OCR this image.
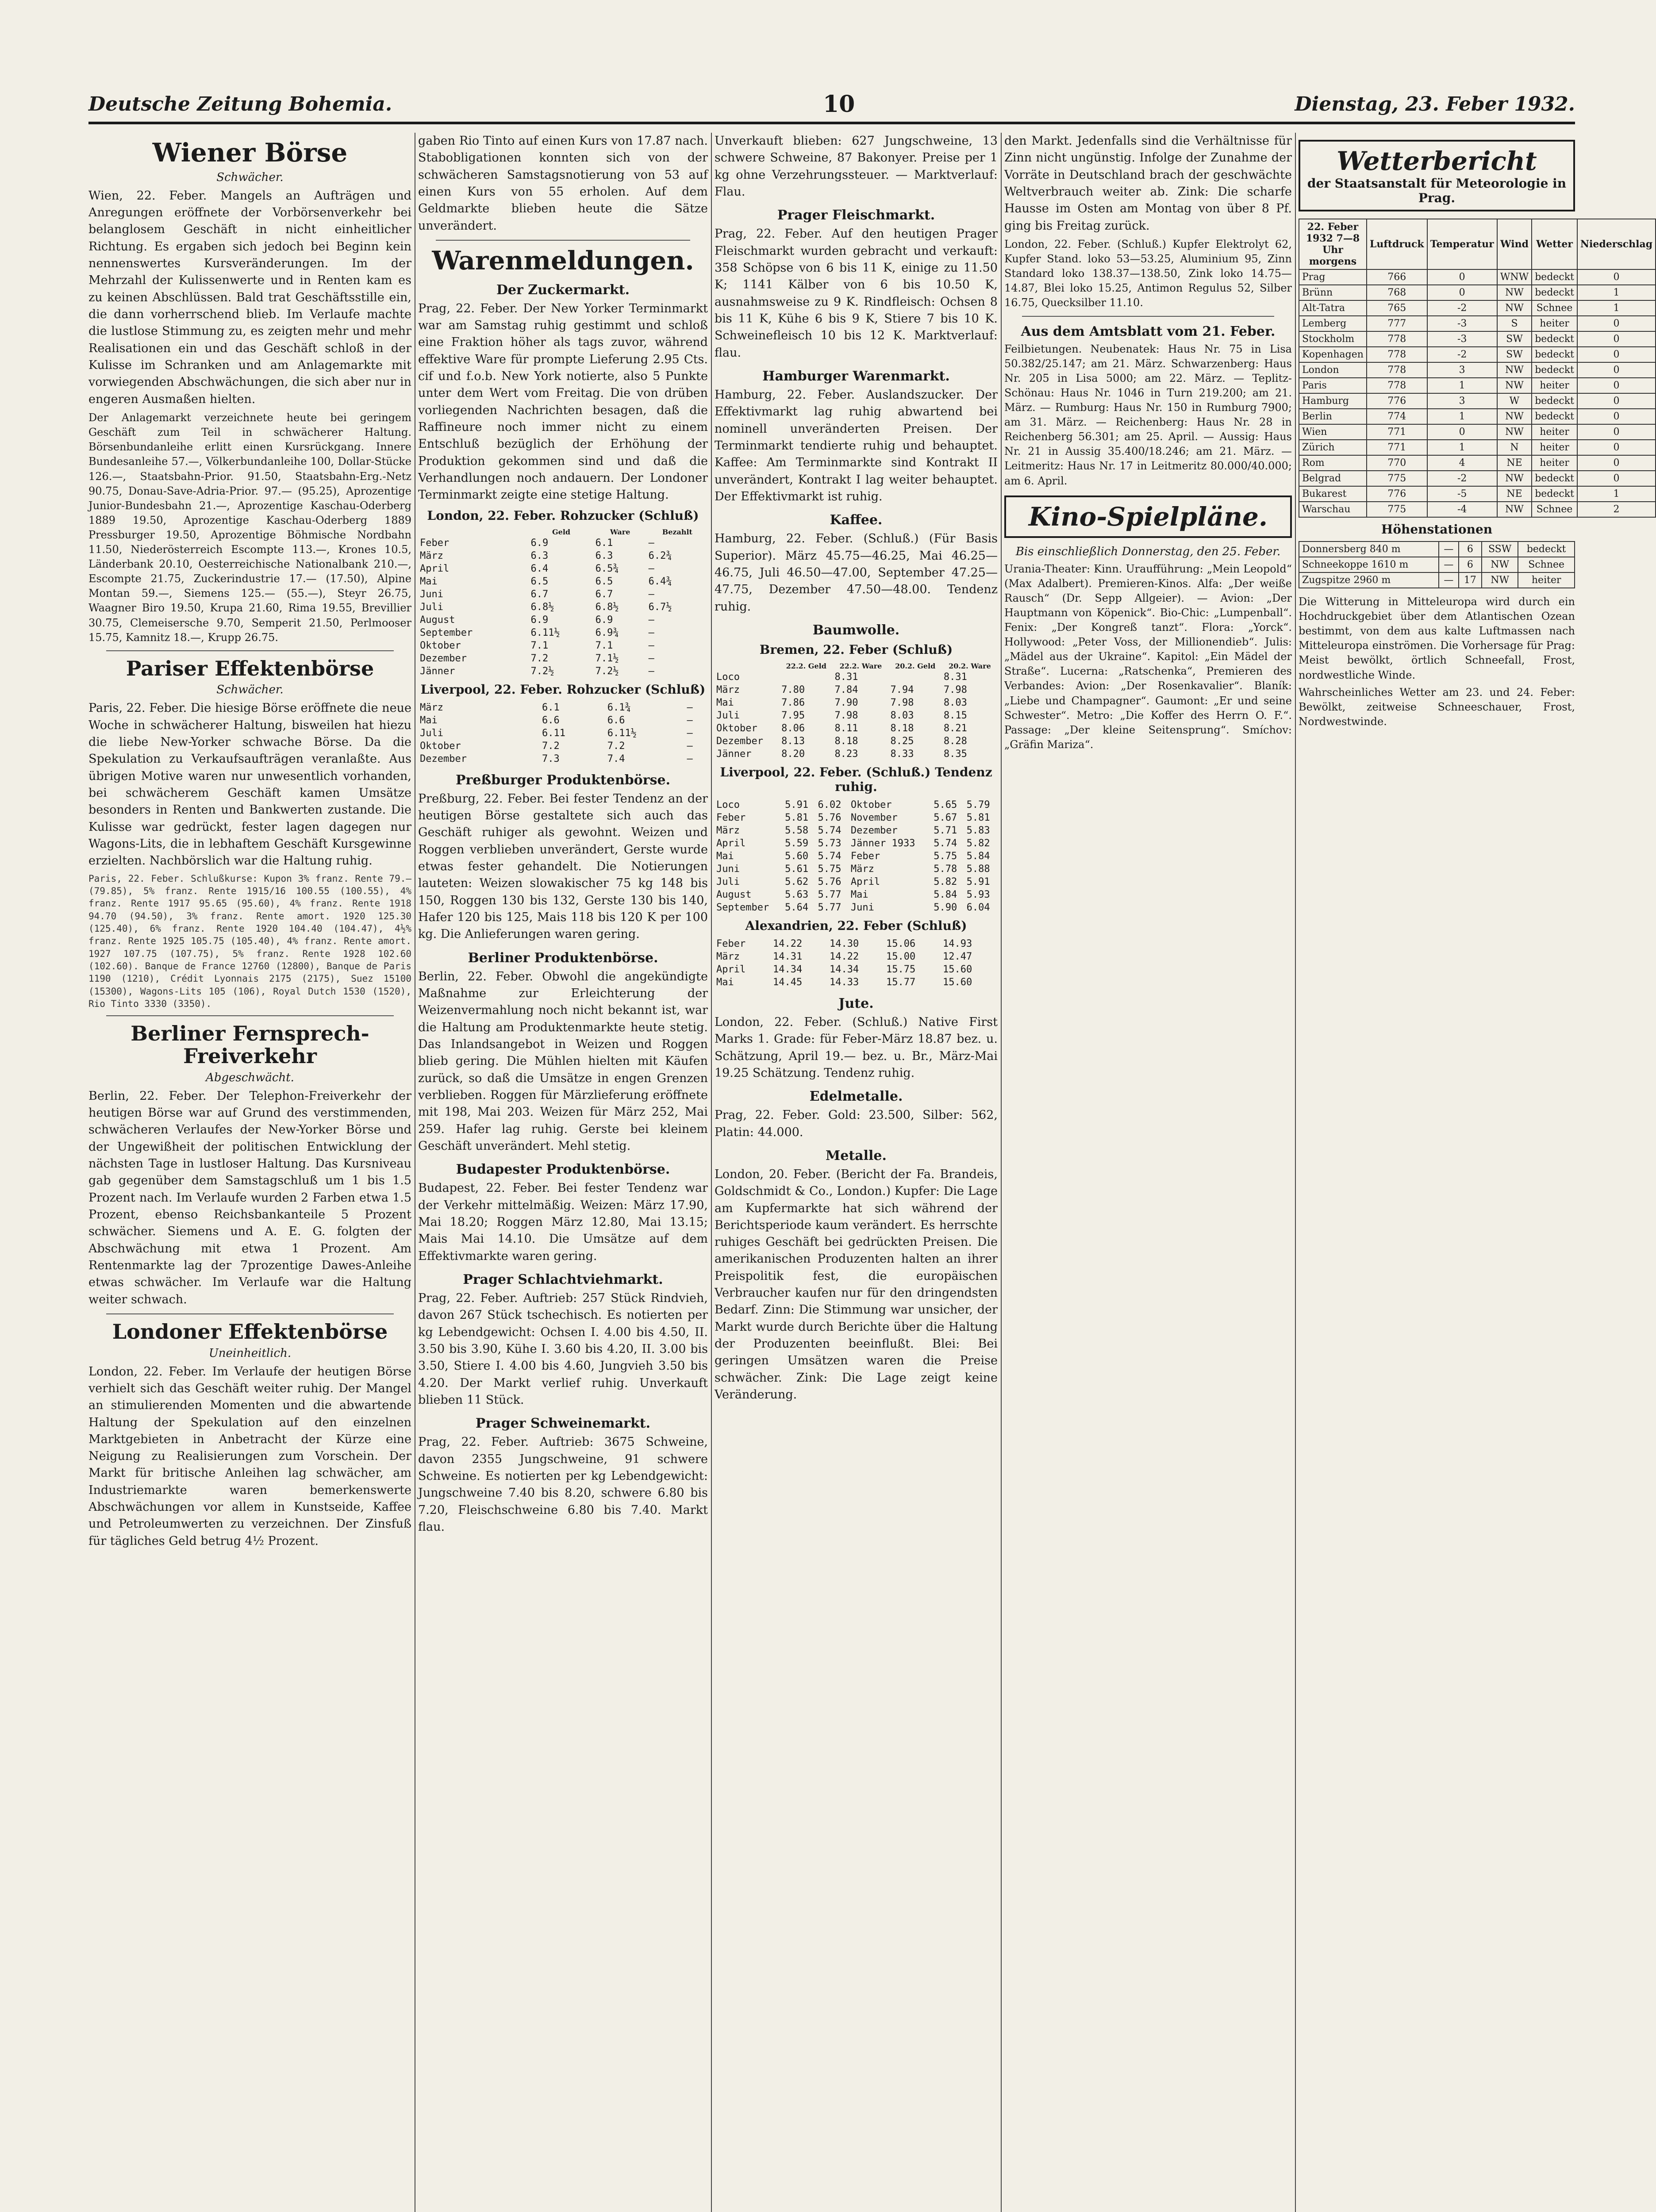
Deutsche Zeitung Bohemia.	10	Dienstag, 23. Feber 1932.
Wiener Börse
Schwächer.

Wien, 22. Feber. Mangels an Aufträgen und Anregungen eröffnete der Vorbörsenverkehr bei belanglosem Geschäft in nicht einheitlicher Richtung. Es ergaben sich jedoch bei Beginn kein nennenswertes Kursveränderungen. Im der Mehrzahl der Kulissenwerte und in Renten kam es zu keinen Abschlüssen. Bald trat Geschäftsstille ein, die dann vorherrschend blieb. Im Verlaufe machte die lustlose Stimmung zu, es zeigten mehr und mehr Realisationen ein und das Geschäft schloß in der Kulisse im Schranken und am Anlagemarkte mit vorwiegenden Abschwächungen, die sich aber nur in engeren Ausmaßen hielten.

Der Anlagemarkt verzeichnete heute bei geringem Geschäft zum Teil in schwächerer Haltung. Börsenbundanleihe erlitt einen Kursrückgang. Innere Bundesanleihe 57.—, Völkerbundanleihe 100, Dollar-Stücke 126.—, Staatsbahn-Prior. 91.50, Staatsbahn-Erg.-Netz 90.75, Donau-Save-Adria-Prior. 97.— (95.25), Aprozentige Junior-Bundesbahn 21.—, Aprozentige Kaschau-Oderberg 1889 19.50, Aprozentige Kaschau-Oderberg 1889 Pressburger 19.50, Aprozentige Böhmische Nordbahn 11.50, Niederösterreich Escompte 113.—, Krones 10.5, Länderbank 20.10, Oesterreichische Nationalbank 210.—, Escompte 21.75, Zuckerindustrie 17.— (17.50), Alpine Montan 59.—, Siemens 125.— (55.—), Steyr 26.75, Waagner Biro 19.50, Krupa 21.60, Rima 19.55, Brevillier 30.75, Clemeisersche 9.70, Semperit 21.50, Perlmooser 15.75, Kamnitz 18.—, Krupp 26.75.

Pariser Effektenbörse
Schwächer.

Paris, 22. Feber. Die hiesige Börse eröffnete die neue Woche in schwächerer Haltung, bisweilen hat hiezu die liebe New-Yorker schwache Börse. Da die Spekulation zu Verkaufsaufträgen veranlaßte. Aus übrigen Motive waren nur unwesentlich vorhanden, bei schwächerem Geschäft kamen Umsätze besonders in Renten und Bankwerten zustande. Die Kulisse war gedrückt, fester lagen dagegen nur Wagons-Lits, die in lebhaftem Geschäft Kursgewinne erzielten. Nachbörslich war die Haltung ruhig.

Paris, 22. Feber. Schlußkurse: Kupon 3% franz. Rente 79.— (79.85), 5% franz. Rente 1915/16 100.55 (100.55), 4% franz. Rente 1917 95.65 (95.60), 4% franz. Rente 1918 94.70 (94.50), 3% franz. Rente amort. 1920 125.30 (125.40), 6% franz. Rente 1920 104.40 (104.47), 4½% franz. Rente 1925 105.75 (105.40), 4% franz. Rente amort. 1927 107.75 (107.75), 5% franz. Rente 1928 102.60 (102.60). Banque de France 12760 (12800), Banque de Paris 1190 (1210), Crédit Lyonnais 2175 (2175), Suez 15100 (15300), Wagons-Lits 105 (106), Royal Dutch 1530 (1520), Rio Tinto 3330 (3350).

Berliner Fernsprech-Freiverkehr
Abgeschwächt.

Berlin, 22. Feber. Der Telephon-Freiverkehr der heutigen Börse war auf Grund des verstimmenden, schwächeren Verlaufes der New-Yorker Börse und der Ungewißheit der politischen Entwicklung der nächsten Tage in lustloser Haltung. Das Kursniveau gab gegenüber dem Samstagschluß um 1 bis 1.5 Prozent nach. Im Verlaufe wurden 2 Farben etwa 1.5 Prozent, ebenso Reichsbankanteile 5 Prozent schwächer. Siemens und A. E. G. folgten der Abschwächung mit etwa 1 Prozent. Am Rentenmarkte lag der 7prozentige Dawes-Anleihe etwas schwächer. Im Verlaufe war die Haltung weiter schwach.

Londoner Effektenbörse
Uneinheitlich.

London, 22. Feber. Im Verlaufe der heutigen Börse verhielt sich das Geschäft weiter ruhig. Der Mangel an stimulierenden Momenten und die abwartende Haltung der Spekulation auf den einzelnen Marktgebieten in Anbetracht der Kürze eine Neigung zu Realisierungen zum Vorschein. Der Markt für britische Anleihen lag schwächer, am Industriemarkte waren bemerkenswerte Abschwächungen vor allem in Kunstseide, Kaffee und Petroleumwerten zu verzeichnen. Der Zinsfuß für tägliches Geld betrug 4½ Prozent.

gaben Rio Tinto auf einen Kurs von 17.87 nach. Stabobligationen konnten sich von der schwächeren Samstagsnotierung von 53 auf einen Kurs von 55 erholen. Auf dem Geldmarkte blieben heute die Sätze unverändert.

Warenmeldungen.
Der Zuckermarkt.

Prag, 22. Feber. Der New Yorker Terminmarkt war am Samstag ruhig gestimmt und schloß eine Fraktion höher als tags zuvor, während effektive Ware für prompte Lieferung 2.95 Cts. cif und f.o.b. New York notierte, also 5 Punkte unter dem Wert vom Freitag. Die von drüben vorliegenden Nachrichten besagen, daß die Raffineure noch immer nicht zu einem Entschluß bezüglich der Erhöhung der Produktion gekommen sind und daß die Verhandlungen noch andauern. Der Londoner Terminmarkt zeigte eine stetige Haltung.

London, 22. Feber. Rohzucker (Schluß)
	Geld	Ware	Bezahlt
Feber	6.9	6.1	—
März	6.3	6.3	6.2¾
April	6.4	6.5¾	—
Mai	6.5	6.5	6.4¾
Juni	6.7	6.7	—
Juli	6.8½	6.8½	6.7½
August	6.9	6.9	—
September	6.11½	6.9¾	—
Oktober	7.1	7.1	—
Dezember	7.2	7.1½	—
Jänner	7.2½	7.2½	—
Liverpool, 22. Feber. Rohzucker (Schluß)
März	6.1	6.1¾	—
Mai	6.6	6.6	—
Juli	6.11	6.11½	—
Oktober	7.2	7.2	—
Dezember	7.3	7.4	—
Preßburger Produktenbörse.

Preßburg, 22. Feber. Bei fester Tendenz an der heutigen Börse gestaltete sich auch das Geschäft ruhiger als gewohnt. Weizen und Roggen verblieben unverändert, Gerste wurde etwas fester gehandelt. Die Notierungen lauteten: Weizen slowakischer 75 kg 148 bis 150, Roggen 130 bis 132, Gerste 130 bis 140, Hafer 120 bis 125, Mais 118 bis 120 K per 100 kg. Die Anlieferungen waren gering.

Berliner Produktenbörse.

Berlin, 22. Feber. Obwohl die angekündigte Maßnahme zur Erleichterung der Weizenvermahlung noch nicht bekannt ist, war die Haltung am Produktenmarkte heute stetig. Das Inlandsangebot in Weizen und Roggen blieb gering. Die Mühlen hielten mit Käufen zurück, so daß die Umsätze in engen Grenzen verblieben. Roggen für Märzlieferung eröffnete mit 198, Mai 203. Weizen für März 252, Mai 259. Hafer lag ruhig. Gerste bei kleinem Geschäft unverändert. Mehl stetig.

Budapester Produktenbörse.

Budapest, 22. Feber. Bei fester Tendenz war der Verkehr mittelmäßig. Weizen: März 17.90, Mai 18.20; Roggen März 12.80, Mai 13.15; Mais Mai 14.10. Die Umsätze auf dem Effektivmarkte waren gering.

Prager Schlachtviehmarkt.

Prag, 22. Feber. Auftrieb: 257 Stück Rindvieh, davon 267 Stück tschechisch. Es notierten per kg Lebendgewicht: Ochsen I. 4.00 bis 4.50, II. 3.50 bis 3.90, Kühe I. 3.60 bis 4.20, II. 3.00 bis 3.50, Stiere I. 4.00 bis 4.60, Jungvieh 3.50 bis 4.20. Der Markt verlief ruhig. Unverkauft blieben 11 Stück.

Prager Schweinemarkt.

Prag, 22. Feber. Auftrieb: 3675 Schweine, davon 2355 Jungschweine, 91 schwere Schweine. Es notierten per kg Lebendgewicht: Jungschweine 7.40 bis 8.20, schwere 6.80 bis 7.20, Fleischschweine 6.80 bis 7.40. Markt flau.

Unverkauft blieben: 627 Jungschweine, 13 schwere Schweine, 87 Bakonyer. Preise per 1 kg ohne Verzehrungssteuer. — Marktverlauf: Flau.

Prager Fleischmarkt.

Prag, 22. Feber. Auf den heutigen Prager Fleischmarkt wurden gebracht und verkauft: 358 Schöpse von 6 bis 11 K, einige zu 11.50 K; 1141 Kälber von 6 bis 10.50 K, ausnahmsweise zu 9 K. Rindfleisch: Ochsen 8 bis 11 K, Kühe 6 bis 9 K, Stiere 7 bis 10 K. Schweinefleisch 10 bis 12 K. Marktverlauf: flau.

Hamburger Warenmarkt.

Hamburg, 22. Feber. Auslandszucker. Der Effektivmarkt lag ruhig abwartend bei nominell unveränderten Preisen. Der Terminmarkt tendierte ruhig und behauptet. Kaffee: Am Terminmarkte sind Kontrakt II unverändert, Kontrakt I lag weiter behauptet. Der Effektivmarkt ist ruhig.

Kaffee.

Hamburg, 22. Feber. (Schluß.) (Für Basis Superior). März 45.75—46.25, Mai 46.25—46.75, Juli 46.50—47.00, September 47.25—47.75, Dezember 47.50—48.00. Tendenz ruhig.

Baumwolle.
Bremen, 22. Feber (Schluß)
	22.2. Geld	22.2. Ware	20.2. Geld	20.2. Ware
Loco		8.31		8.31
März	7.80	7.84	7.94	7.98
Mai	7.86	7.90	7.98	8.03
Juli	7.95	7.98	8.03	8.15
Oktober	8.06	8.11	8.18	8.21
Dezember	8.13	8.18	8.25	8.28
Jänner	8.20	8.23	8.33	8.35
Liverpool, 22. Feber. (Schluß.) Tendenz ruhig.
Loco	5.91	6.02	Oktober	5.65	5.79
Feber	5.81	5.76	November	5.67	5.81
März	5.58	5.74	Dezember	5.71	5.83
April	5.59	5.73	Jänner 1933	5.74	5.82
Mai	5.60	5.74	Feber	5.75	5.84
Juni	5.61	5.75	März	5.78	5.88
Juli	5.62	5.76	April	5.82	5.91
August	5.63	5.77	Mai	5.84	5.93
September	5.64	5.77	Juni	5.90	6.04
Alexandrien, 22. Feber (Schluß)
Feber	14.22	14.30	15.06	14.93
März	14.31	14.22	15.00	12.47
April	14.34	14.34	15.75	15.60
Mai	14.45	14.33	15.77	15.60
Jute.

London, 22. Feber. (Schluß.) Native First Marks 1. Grade: für Feber-März 18.87 bez. u. Schätzung, April 19.— bez. u. Br., März-Mai 19.25 Schätzung. Tendenz ruhig.

Edelmetalle.

Prag, 22. Feber. Gold: 23.500, Silber: 562, Platin: 44.000.

Metalle.

London, 20. Feber. (Bericht der Fa. Brandeis, Goldschmidt & Co., London.) Kupfer: Die Lage am Kupfermarkte hat sich während der Berichtsperiode kaum verändert. Es herrschte ruhiges Geschäft bei gedrückten Preisen. Die amerikanischen Produzenten halten an ihrer Preispolitik fest, die europäischen Verbraucher kaufen nur für den dringendsten Bedarf. Zinn: Die Stimmung war unsicher, der Markt wurde durch Berichte über die Haltung der Produzenten beeinflußt. Blei: Bei geringen Umsätzen waren die Preise schwächer. Zink: Die Lage zeigt keine Veränderung.

den Markt. Jedenfalls sind die Verhältnisse für Zinn nicht ungünstig. Infolge der Zunahme der Vorräte in Deutschland brach der geschwächte Weltverbrauch weiter ab. Zink: Die scharfe Hausse im Osten am Montag von über 8 Pf. ging bis Freitag zurück.

London, 22. Feber. (Schluß.) Kupfer Elektrolyt 62, Kupfer Stand. loko 53—53.25, Aluminium 95, Zinn Standard loko 138.37—138.50, Zink loko 14.75—14.87, Blei loko 15.25, Antimon Regulus 52, Silber 16.75, Quecksilber 11.10.

Aus dem Amtsblatt vom 21. Feber.

Feilbietungen. Neubenatek: Haus Nr. 75 in Lisa 50.382/25.147; am 21. März. Schwarzenberg: Haus Nr. 205 in Lisa 5000; am 22. März. — Teplitz-Schönau: Haus Nr. 1046 in Turn 219.200; am 21. März. — Rumburg: Haus Nr. 150 in Rumburg 7900; am 31. März. — Reichenberg: Haus Nr. 28 in Reichenberg 56.301; am 25. April. — Aussig: Haus Nr. 21 in Aussig 35.400/18.246; am 21. März. — Leitmeritz: Haus Nr. 17 in Leitmeritz 80.000/40.000; am 6. April.

Kino-Spielpläne.
Bis einschließlich Donnerstag, den 25. Feber.

Urania-Theater: Kinn. Uraufführung: „Mein Leopold“ (Max Adalbert). Premieren-Kinos. Alfa: „Der weiße Rausch“ (Dr. Sepp Allgeier). — Avion: „Der Hauptmann von Köpenick“. Bio-Chic: „Lumpenball“. Fenix: „Der Kongreß tanzt“. Flora: „Yorck“. Hollywood: „Peter Voss, der Millionendieb“. Julis: „Mädel aus der Ukraine“. Kapitol: „Ein Mädel der Straße“. Lucerna: „Ratschenka“, Premieren des Verbandes: Avion: „Der Rosenkavalier“. Blaník: „Liebe und Champagner“. Gaumont: „Er und seine Schwester“. Metro: „Die Koffer des Herrn O. F.“. Passage: „Der kleine Seitensprung“. Smíchov: „Gräfin Mariza“.

Wetterbericht
der Staatsanstalt für Meteorologie in Prag.
22. Feber 1932 7—8 Uhr morgens	Luftdruck	Temperatur	Wind	Wetter	Niederschlag
Prag	766	0	WNW	bedeckt	0
Brünn	768	0	NW	bedeckt	1
Alt-Tatra	765	-2	NW	Schnee	1
Lemberg	777	-3	S	heiter	0
Stockholm	778	-3	SW	bedeckt	0
Kopenhagen	778	-2	SW	bedeckt	0
London	778	3	NW	bedeckt	0
Paris	778	1	NW	heiter	0
Hamburg	776	3	W	bedeckt	0
Berlin	774	1	NW	bedeckt	0
Wien	771	0	NW	heiter	0
Zürich	771	1	N	heiter	0
Rom	770	4	NE	heiter	0
Belgrad	775	-2	NW	bedeckt	0
Bukarest	776	-5	NE	bedeckt	1
Warschau	775	-4	NW	Schnee	2
Höhenstationen
Donnersberg 840 m	—	6	SSW	bedeckt
Schneekoppe 1610 m	—	6	NW	Schnee
Zugspitze 2960 m	—	17	NW	heiter

Die Witterung in Mitteleuropa wird durch ein Hochdruckgebiet über dem Atlantischen Ozean bestimmt, von dem aus kalte Luftmassen nach Mitteleuropa einströmen. Die Vorhersage für Prag: Meist bewölkt, örtlich Schneefall, Frost, nordwestliche Winde.

Wahrscheinliches Wetter am 23. und 24. Feber: Bewölkt, zeitweise Schneeschauer, Frost, Nordwestwinde.
